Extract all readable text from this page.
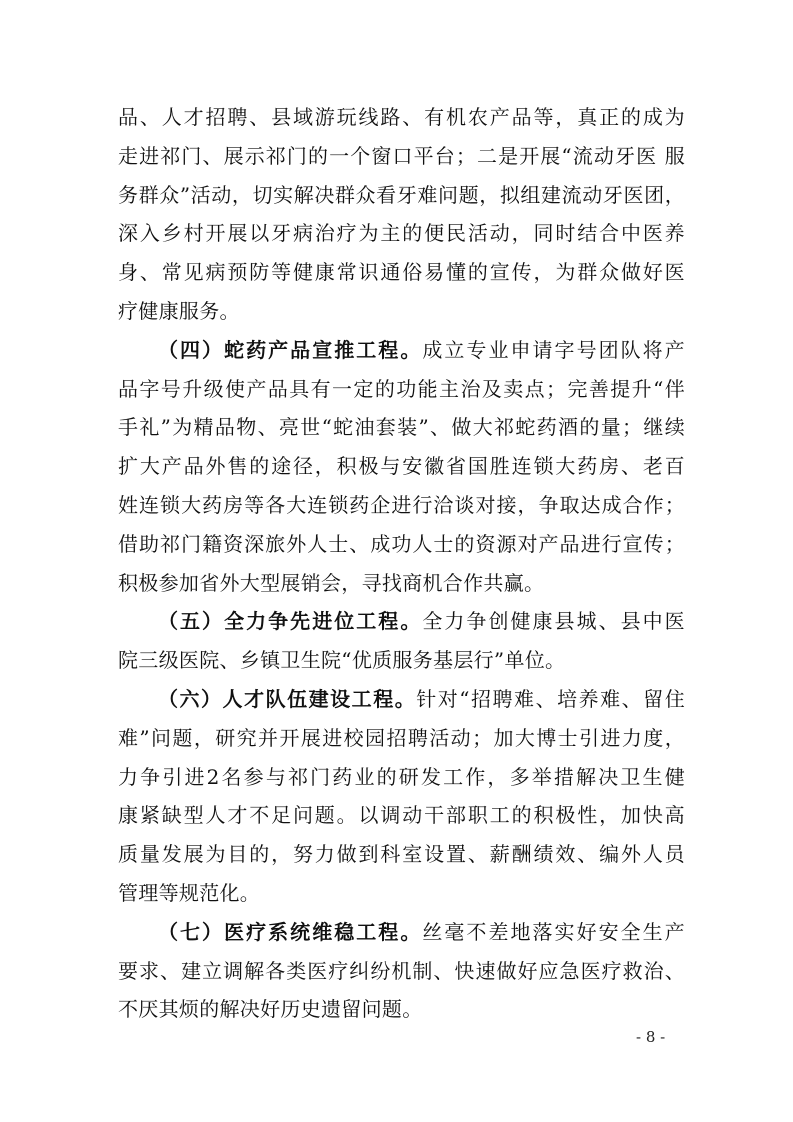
品、人才招聘、县域游玩线路、有机农产品等，真正的成为
走进祁门、展示祁门的一个窗口平台；二是开展“流动牙医 服
务群众”活动，切实解决群众看牙难问题，拟组建流动牙医团，
深入乡村开展以牙病治疗为主的便民活动，同时结合中医养
身、常见病预防等健康常识通俗易懂的宣传，为群众做好医
疗健康服务。
（四）蛇药产品宣推工程。成立专业申请字号团队将产
品字号升级使产品具有一定的功能主治及卖点；完善提升“伴
手礼”为精品物、亮世“蛇油套装”、做大祁蛇药酒的量；继续
扩大产品外售的途径，积极与安徽省国胜连锁大药房、老百
姓连锁大药房等各大连锁药企进行洽谈对接，争取达成合作；
借助祁门籍资深旅外人士、成功人士的资源对产品进行宣传；
积极参加省外大型展销会，寻找商机合作共赢。
（五）全力争先进位工程。全力争创健康县城、县中医
院三级医院、乡镇卫生院“优质服务基层行”单位。
（六）人才队伍建设工程。针对“招聘难、培养难、留住
难”问题，研究并开展进校园招聘活动；加大博士引进力度，
力争引进2名参与祁门药业的研发工作，多举措解决卫生健
康紧缺型人才不足问题。以调动干部职工的积极性，加快高
质量发展为目的，努力做到科室设置、薪酬绩效、编外人员
管理等规范化。
（七）医疗系统维稳工程。丝毫不差地落实好安全生产
要求、建立调解各类医疗纠纷机制、快速做好应急医疗救治、
不厌其烦的解决好历史遗留问题。
- 8 -
